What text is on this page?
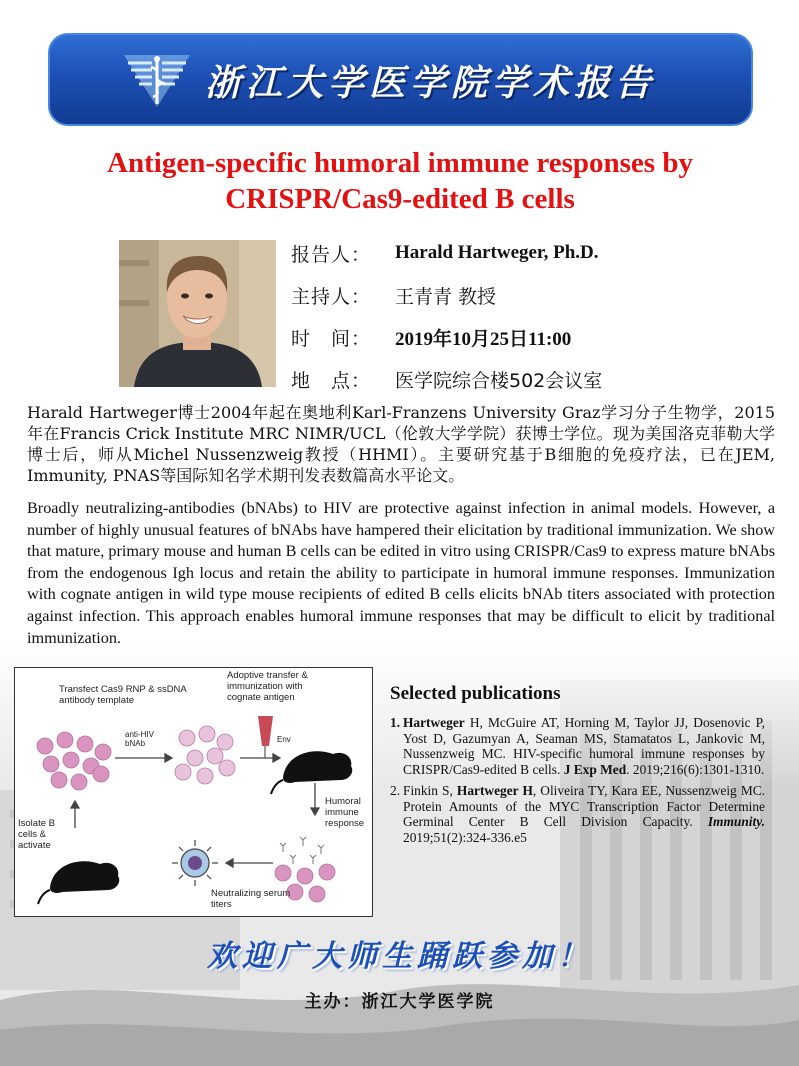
浙江大学医学院学术报告
Antigen-specific humoral immune responses by
CRISPR/Cas9-edited B cells
报告人：	Harald Hartweger, Ph.D.
主持人：	王青青 教授
时　间：	2019年10月25日11:00
地　点：	医学院综合楼502会议室
Harald Hartweger博士2004年起在奥地利Karl-Franzens University Graz学习分子生物学，2015年在Francis Crick Institute MRC NIMR/UCL（伦敦大学学院）获博士学位。现为美国洛克菲勒大学博士后，师从Michel Nussenzweig教授（HHMI）。主要研究基于B细胞的免疫疗法，已在JEM, Immunity, PNAS等国际知名学术期刊发表数篇高水平论文。
Broadly neutralizing-antibodies (bNAbs) to HIV are protective against infection in animal models. However, a number of highly unusual features of bNAbs have hampered their elicitation by traditional immunization. We show that mature, primary mouse and human B cells can be edited in vitro using CRISPR/Cas9 to express mature bNAbs from the endogenous Igh locus and retain the ability to participate in humoral immune responses. Immunization with cognate antigen in wild type mouse recipients of edited B cells elicits bNAb titers associated with protection against infection. This approach enables humoral immune responses that may be difficult to elicit by traditional immunization.
Transfect Cas9 RNP & ssDNA antibody template
Adoptive transfer & immunization with cognate antigen
anti-HIV bNAb	Env
Humoral immune response
Isolate B cells & activate
Neutralizing serum titers
Selected publications
1. Hartweger H, McGuire AT, Horning M, Taylor JJ, Dosenovic P, Yost D, Gazumyan A, Seaman MS, Stamatatos L, Jankovic M, Nussenzweig MC. HIV-specific humoral immune responses by CRISPR/Cas9-edited B cells. J Exp Med. 2019;216(6):1301-1310.
2. Finkin S, Hartweger H, Oliveira TY, Kara EE, Nussenzweig MC. Protein Amounts of the MYC Transcription Factor Determine Germinal Center B Cell Division Capacity. Immunity. 2019;51(2):324-336.e5
欢迎广大师生踊跃参加！
主办：浙江大学医学院
